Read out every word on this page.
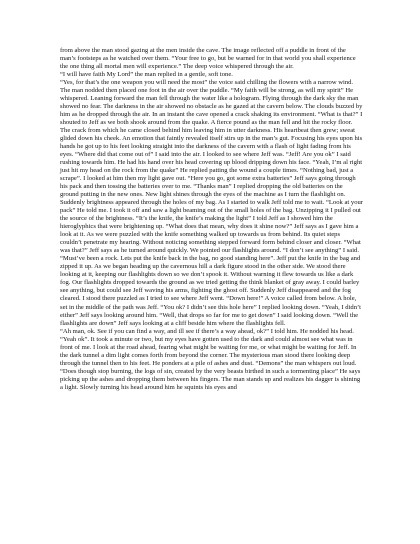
from above the man stood gazing at the men inside the cave. The image reflected off a puddle in front of the man’s footsteps as he watched over them. “Your free to go, but be warned for in that world you shall experience the one thing all mortal men will experience.” The deep voice whispered through the air.

“I will have faith My Lord” the man replied in a gentle, soft tone.

“Yes, for that’s the one weapon you will need the most” the voice said chilling the flowers with a narrow wind. The man nodded then placed one foot in the air over the puddle. “My faith will be strong, as will my spirit” He whispered. Leaning forward the man fell through the water like a hologram. Flying through the dark sky the man showed no fear. The darkness in the air showed no obstacle as he gazed at the cavern below. The clouds buzzed by him as he dropped through the air. In an instant the cave opened a crack shaking its environment. “What is that?” I shouted to Jeff as we both shook around from the quake. A fierce pound as the man fell and hit the rocky floor. The crack from which he came closed behind him leaving him in utter darkness. His heartbeat then grew; sweat glided down his cheek. An emotion that faintly revealed itself stirs up in the man’s gut. Focusing his eyes upon his hands he got up to his feet looking straight into the darkness of the cavern with a flash of light fading from his eyes. “Where did that come out of” I said into the air. I looked to see where Jeff was. “Jeff! Are you ok” I said rushing towards him. He had his hand over his head covering up blood dripping down his face. “Yeah, I’m al right just hit my head on the rock from the quake” He replied patting the wound a couple times. “Nothing bad, just a scrape”. I looked at him then my light gave out. “Here you go, got some extra batteries” Jeff says going through his pack and then tossing the batteries over to me. “Thanks man” I replied dropping the old batteries on the ground putting in the new ones. New light shines through the eyes of the machine as I turn the flashlight on. Suddenly brightness appeared through the holes of my bag. As I started to walk Jeff told me to wait. “Look at your pack” He told me. I took it off and saw a light beaming out of the small holes of the bag. Unzipping it I pulled out the source of the brightness. “It’s the knife, the knife’s making the light” I told Jeff as I showed him the hieroglyphics that were brightening up. “What does that mean, why does it shine now?” Jeff says as I gave him a look at it. As we were puzzled with the knife something walked up towards us from behind. Its quiet steps couldn’t penetrate my hearing. Without noticing something stepped forward form behind closer and closer. “What was that?” Jeff says as he turned around quickly. We pointed our flashlights around. “I don’t see anything” I said. “Must’ve been a rock. Lets put the knife back in the bag, no good standing here”. Jeff put the knife in the bag and zipped it up. As we began heading up the cavernous hill a dark figure stood in the other side. We stood there looking at it, keeping our flashlights down so we don’t spook it. Without warning it flew towards us like a dark fog. Our flashlights dropped towards the ground as we tried getting the think blanket of gray away. I could barley see anything, but could see Jeff waving his arms, fighting the ghost off. Suddenly Jeff disappeared and the fog cleared. I stood there puzzled as I tried to see where Jeff went. “Down here!” A voice called from below. A hole, set in the middle of the path was Jeff. “You ok? I didn’t see this hole here” I replied looking down. “Yeah, I didn’t either” Jeff says looking around him. “Well, that drops so far for me to get down” I said looking down. “Well the flashlights are down” Jeff says looking at a cliff beside him where the flashlights fell.

“Ah man, ok. See if you can find a way, and ill see if there’s a way ahead, ok?” I told him. He nodded his head. “Yeah ok”. It took a minute or two, but my eyes have gotten used to the dark and could almost see what was in front of me. I look at the road ahead, fearing what might be waiting for me, or what might be waiting for Jeff. In the dark tunnel a dim light comes forth from beyond the corner. The mysterious man stood there looking deep through the tunnel then to his feet. He ponders at a pile of ashes and dust. “Demons” the man whispers out loud. “Does though stop burning, the logs of sin, created by the very beasts birthed in such a tormenting place” He says picking up the ashes and dropping them between his fingers. The man stands up and realizes his dagger is shining a light. Slowly turning his head around him he squints his eyes and
